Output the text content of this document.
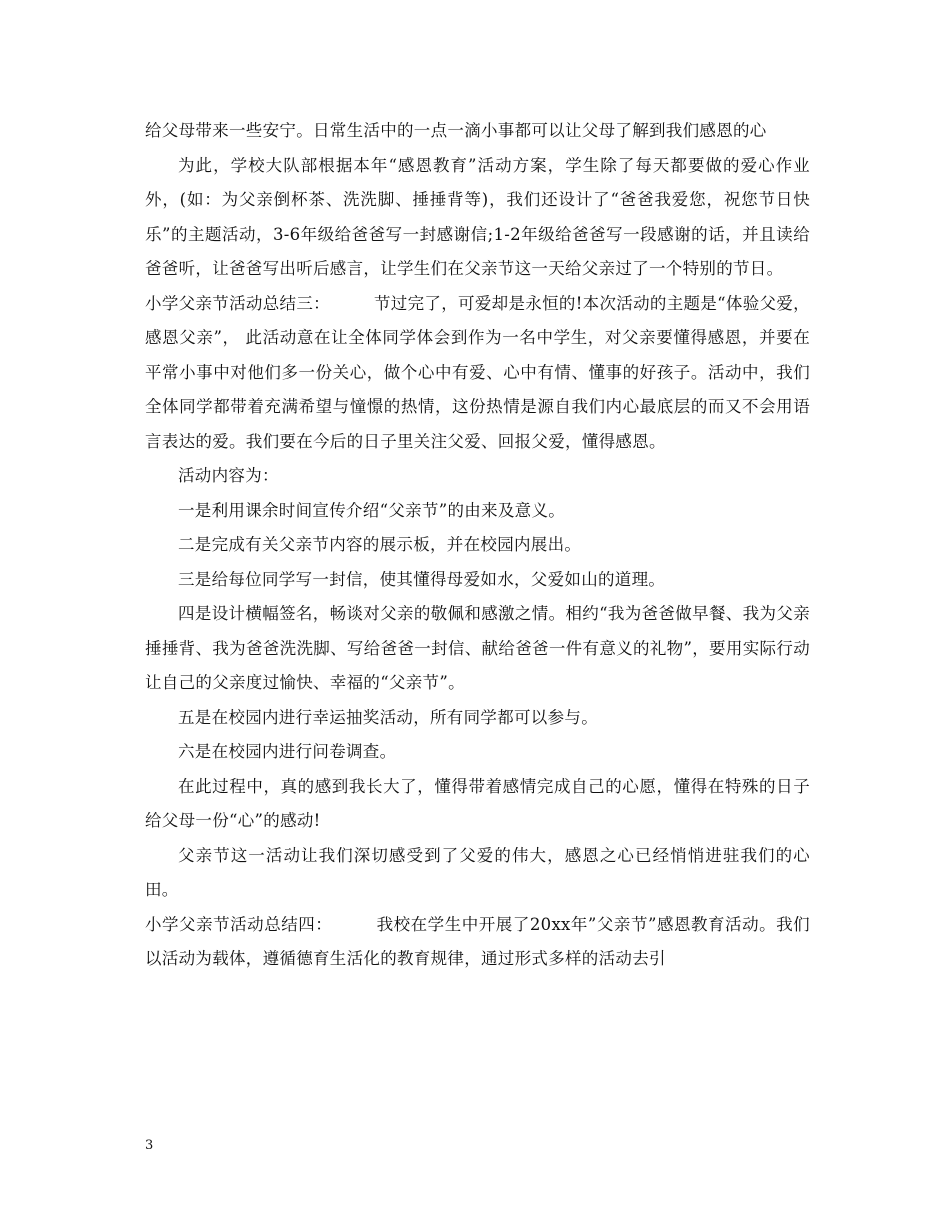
给父母带来一些安宁。日常生活中的一点一滴小事都可以让父母了解到我们感恩的心

为此，学校大队部根据本年“感恩教育”活动方案，学生除了每天都要做的爱心作业外，(如：为父亲倒杯茶、洗洗脚、捶捶背等)，我们还设计了“爸爸我爱您，祝您节日快乐”的主题活动，3-6年级给爸爸写一封感谢信;1-2年级给爸爸写一段感谢的话，并且读给爸爸听，让爸爸写出听后感言，让学生们在父亲节这一天给父亲过了一个特别的节日。

小学父亲节活动总结三：	节过完了，可爱却是永恒的!本次活动的主题是“体验父爱，感恩父亲”， 此活动意在让全体同学体会到作为一名中学生，对父亲要懂得感恩，并要在平常小事中对他们多一份关心，做个心中有爱、心中有情、懂事的好孩子。活动中，我们全体同学都带着充满希望与憧憬的热情，这份热情是源自我们内心最底层的而又不会用语言表达的爱。我们要在今后的日子里关注父爱、回报父爱，懂得感恩。

活动内容为：

一是利用课余时间宣传介绍“父亲节”的由来及意义。

二是完成有关父亲节内容的展示板，并在校园内展出。

三是给每位同学写一封信，使其懂得母爱如水，父爱如山的道理。

四是设计横幅签名，畅谈对父亲的敬佩和感激之情。相约“我为爸爸做早餐、我为父亲捶捶背、我为爸爸洗洗脚、写给爸爸一封信、献给爸爸一件有意义的礼物”，要用实际行动让自己的父亲度过愉快、幸福的“父亲节”。

五是在校园内进行幸运抽奖活动，所有同学都可以参与。

六是在校园内进行问卷调查。

在此过程中，真的感到我长大了，懂得带着感情完成自己的心愿，懂得在特殊的日子给父母一份“心”的感动!

父亲节这一活动让我们深切感受到了父爱的伟大，感恩之心已经悄悄进驻我们的心田。

小学父亲节活动总结四：	我校在学生中开展了20xx年”父亲节”感恩教育活动。我们以活动为载体，遵循德育生活化的教育规律，通过形式多样的活动去引

3
